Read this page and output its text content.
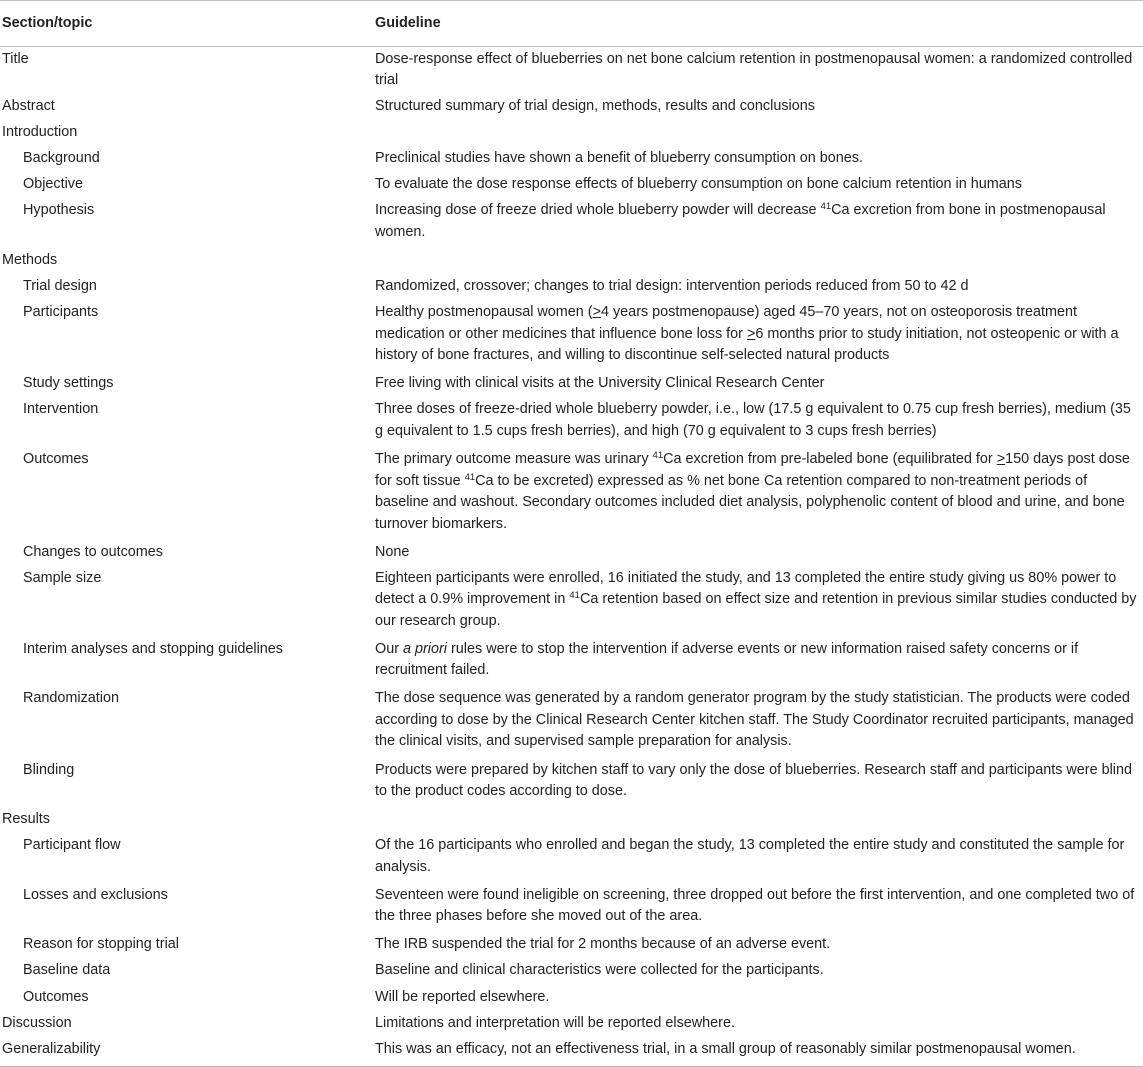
Section/topic	Guideline
Title	Dose-response effect of blueberries on net bone calcium retention in postmenopausal women: a randomized controlled trial
Abstract	Structured summary of trial design, methods, results and conclusions
Introduction	
Background	Preclinical studies have shown a benefit of blueberry consumption on bones.
Objective	To evaluate the dose response effects of blueberry consumption on bone calcium retention in humans
Hypothesis	Increasing dose of freeze dried whole blueberry powder will decrease $^{41}$Ca excretion from bone in postmenopausal women.
Methods	
Trial design	Randomized, crossover; changes to trial design: intervention periods reduced from 50 to 42 d
Participants	Healthy postmenopausal women (≥4 years postmenopause) aged 45–70 years, not on osteoporosis treatment medication or other medicines that influence bone loss for ≥6 months prior to study initiation, not osteopenic or with a history of bone fractures, and willing to discontinue self-selected natural products
Study settings	Free living with clinical visits at the University Clinical Research Center
Intervention	Three doses of freeze-dried whole blueberry powder, i.e., low (17.5 g equivalent to 0.75 cup fresh berries), medium (35 g equivalent to 1.5 cups fresh berries), and high (70 g equivalent to 3 cups fresh berries)
Outcomes	The primary outcome measure was urinary $^{41}$Ca excretion from pre-labeled bone (equilibrated for ≥150 days post dose for soft tissue $^{41}$Ca to be excreted) expressed as % net bone Ca retention compared to non-treatment periods of baseline and washout. Secondary outcomes included diet analysis, polyphenolic content of blood and urine, and bone turnover biomarkers.
Changes to outcomes	None
Sample size	Eighteen participants were enrolled, 16 initiated the study, and 13 completed the entire study giving us 80% power to detect a 0.9% improvement in $^{41}$Ca retention based on effect size and retention in previous similar studies conducted by our research group.
Interim analyses and stopping guidelines	Our a priori rules were to stop the intervention if adverse events or new information raised safety concerns or if recruitment failed.
Randomization	The dose sequence was generated by a random generator program by the study statistician. The products were coded according to dose by the Clinical Research Center kitchen staff. The Study Coordinator recruited participants, managed the clinical visits, and supervised sample preparation for analysis.
Blinding	Products were prepared by kitchen staff to vary only the dose of blueberries. Research staff and participants were blind to the product codes according to dose.
Results	
Participant flow	Of the 16 participants who enrolled and began the study, 13 completed the entire study and constituted the sample for analysis.
Losses and exclusions	Seventeen were found ineligible on screening, three dropped out before the first intervention, and one completed two of the three phases before she moved out of the area.
Reason for stopping trial	The IRB suspended the trial for 2 months because of an adverse event.
Baseline data	Baseline and clinical characteristics were collected for the participants.
Outcomes	Will be reported elsewhere.
Discussion	Limitations and interpretation will be reported elsewhere.
Generalizability	This was an efficacy, not an effectiveness trial, in a small group of reasonably similar postmenopausal women.
